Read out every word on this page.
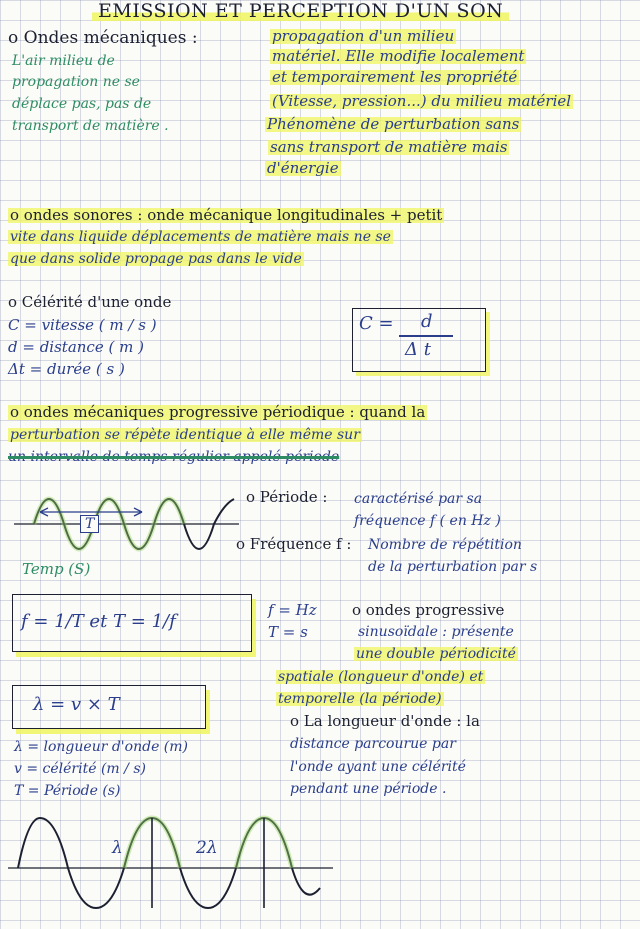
EMISSION ET PERCEPTION D'UN SON
o Ondes mécaniques :	propagation d'un milieu
matériel. Elle modifie localement
et temporairement les propriété
(Vitesse, pression...) du milieu matériel
Phénomène de perturbation sans
sans transport de matière mais
d'énergie
L'air milieu de
propagation ne se
déplace pas, pas de
transport de matière .
o ondes sonores : onde mécanique longitudinales + petit
vite dans liquide déplacements de matière mais ne se
que dans solide propage pas dans le vide
o Célérité d'une onde
C = vitesse ( m / s )
d = distance ( m )
Δt = durée ( s )
C = d
Δ t
o ondes mécaniques progressive périodique : quand la
perturbation se répète identique à elle même sur
un intervalle de temps régulier appelé période
T
Temp (S)
o Période : caractérisé par sa
fréquence f ( en Hz )
o Fréquence f : Nombre de répétition
de la perturbation par s
f = 1/T et T = 1/f
f = Hz
T = s
o ondes progressive
sinusoïdale : présente
une double périodicité
spatiale (longueur d'onde) et
temporelle (la période)
λ = v × T
λ = longueur d'onde (m)
v = célérité (m / s)
T = Période (s)
o La longueur d'onde : la
distance parcourue par
l'onde ayant une célérité
pendant une période .
λ	2λ
